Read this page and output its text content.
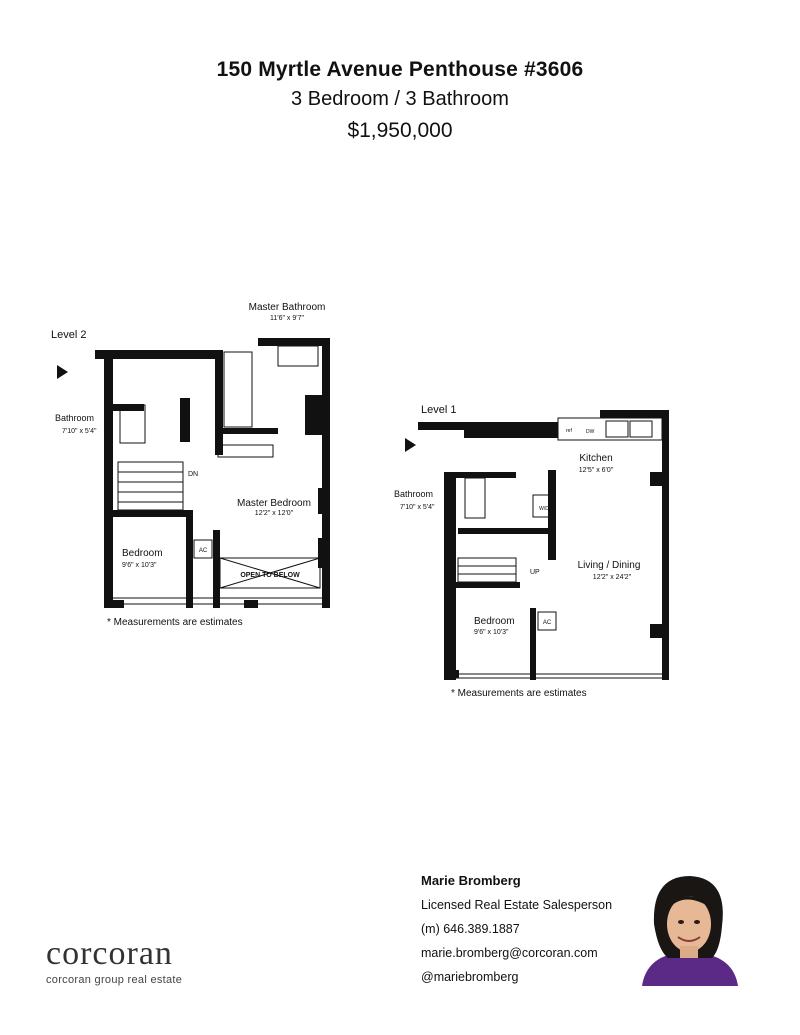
150 Myrtle Avenue Penthouse #3606
3 Bedroom / 3 Bathroom
$1,950,000
Level 2
Master Bathroom
11'6" x 9'7"
Bathroom
7'10" x 5'4"
DN
Master Bedroom
12'2" x 12'0"
Bedroom
9'6" x 10'3"
AC
OPEN TO BELOW
* Measurements are estimates
Level 1
ref	DW
Kitchen
12'5" x 6'0"
Bathroom
7'10" x 5'4"	W/D
UP
Living / Dining
12'2" x 24'2"
Bedroom
9'6" x 10'3"
AC
* Measurements are estimates
Marie Bromberg
Licensed Real Estate Salesperson
(m) 646.389.1887
marie.bromberg@corcoran.com
@mariebromberg
corcoran
corcoran group real estate
